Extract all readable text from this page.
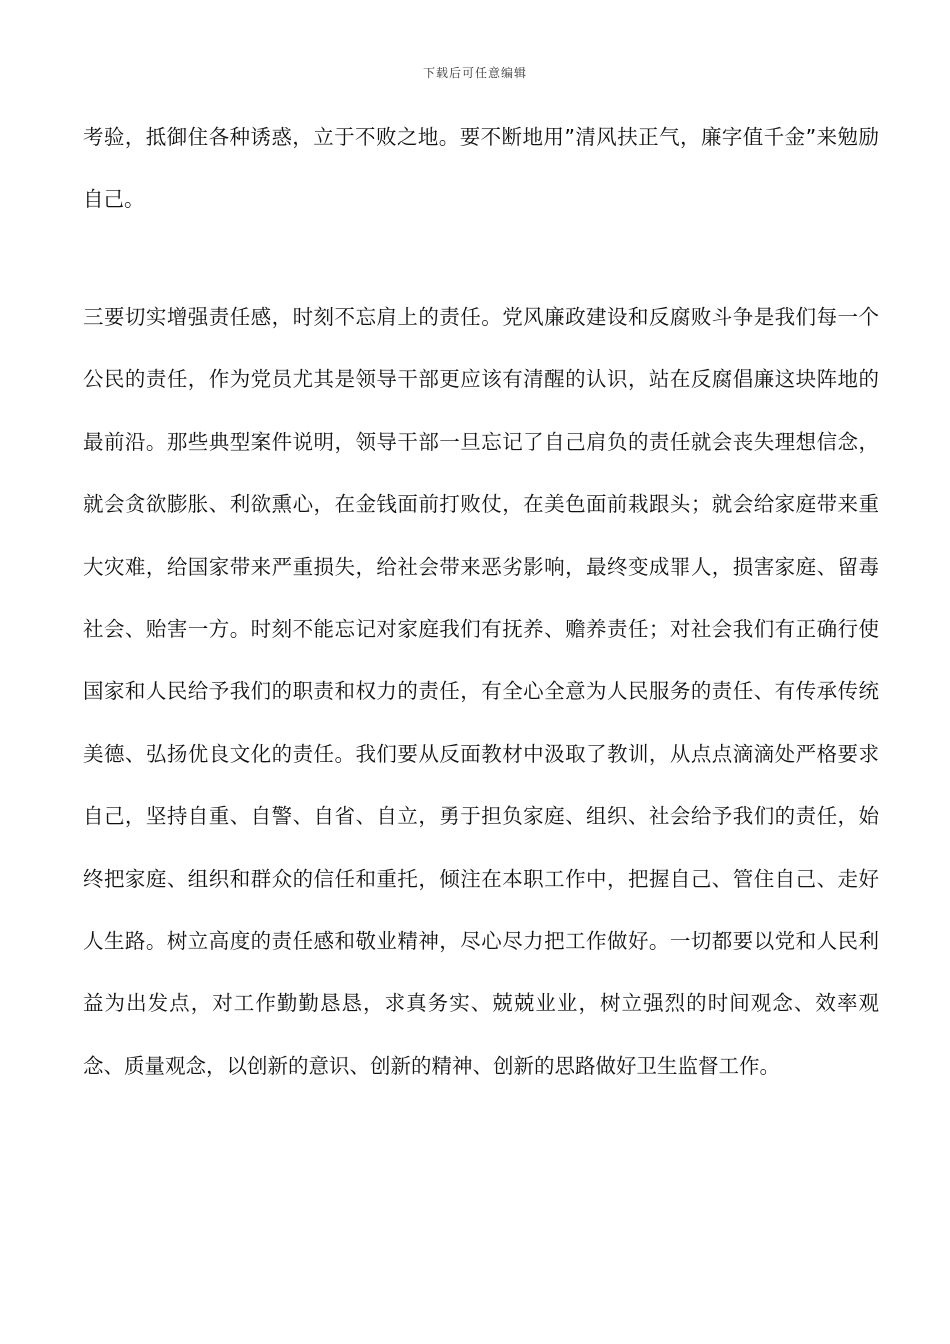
下载后可任意编辑

考验，抵御住各种诱惑，立于不败之地。要不断地用”清风扶正气，廉字值千金”来勉励自己。

三要切实增强责任感，时刻不忘肩上的责任。党风廉政建设和反腐败斗争是我们每一个公民的责任，作为党员尤其是领导干部更应该有清醒的认识，站在反腐倡廉这块阵地的最前沿。那些典型案件说明，领导干部一旦忘记了自己肩负的责任就会丧失理想信念，就会贪欲膨胀、利欲熏心，在金钱面前打败仗，在美色面前栽跟头；就会给家庭带来重大灾难，给国家带来严重损失，给社会带来恶劣影响，最终变成罪人，损害家庭、留毒社会、贻害一方。时刻不能忘记对家庭我们有抚养、赡养责任；对社会我们有正确行使国家和人民给予我们的职责和权力的责任，有全心全意为人民服务的责任、有传承传统美德、弘扬优良文化的责任。我们要从反面教材中汲取了教训，从点点滴滴处严格要求自己，坚持自重、自警、自省、自立，勇于担负家庭、组织、社会给予我们的责任，始终把家庭、组织和群众的信任和重托，倾注在本职工作中，把握自己、管住自己、走好人生路。树立高度的责任感和敬业精神，尽心尽力把工作做好。一切都要以党和人民利益为出发点，对工作勤勤恳恳，求真务实、兢兢业业，树立强烈的时间观念、效率观念、质量观念，以创新的意识、创新的精神、创新的思路做好卫生监督工作。
